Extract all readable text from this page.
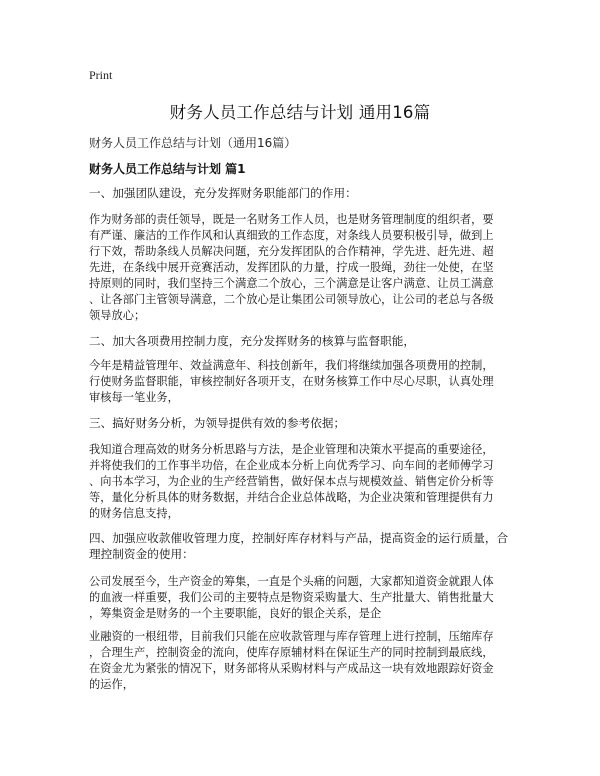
Print
财务人员工作总结与计划 通用16篇
财务人员工作总结与计划（通用16篇）
财务人员工作总结与计划 篇1
一、加强团队建设，充分发挥财务职能部门的作用：
作为财务部的责任领导，既是一名财务工作人员，也是财务管理制度的组织者，要
有严谨、廉洁的工作作风和认真细致的工作态度，对条线人员要积极引导，做到上
行下效，帮助条线人员解决问题，充分发挥团队的合作精神，学先进、赶先进、超
先进，在条线中展开竞赛活动，发挥团队的力量，拧成一股绳，劲往一处使，在坚
持原则的同时，我们坚持三个满意二个放心，三个满意是让客户满意、让员工满意
、让各部门主管领导满意，二个放心是让集团公司领导放心，让公司的老总与各级
领导放心；
二、加大各项费用控制力度，充分发挥财务的核算与监督职能，
今年是精益管理年、效益满意年、科技创新年，我们将继续加强各项费用的控制，
行使财务监督职能，审核控制好各项开支，在财务核算工作中尽心尽职，认真处理
审核每一笔业务，
三、搞好财务分析，为领导提供有效的参考依据；
我知道合理高效的财务分析思路与方法，是企业管理和决策水平提高的重要途径，
并将使我们的工作事半功倍，在企业成本分析上向优秀学习、向车间的老师傅学习
、向书本学习，为企业的生产经营销售，做好保本点与规模效益、销售定价分析等
等，量化分析具体的财务数据，并结合企业总体战略，为企业决策和管理提供有力
的财务信息支持，
四、加强应收款催收管理力度，控制好库存材料与产品，提高资金的运行质量，合
理控制资金的使用：
公司发展至今，生产资金的筹集，一直是个头痛的问题，大家都知道资金就跟人体
的血液一样重要，我们公司的主要特点是物资采购量大、生产批量大、销售批量大
，筹集资金是财务的一个主要职能，良好的银企关系，是企
业融资的一根纽带，目前我们只能在应收款管理与库存管理上进行控制，压缩库存
，合理生产，控制资金的流向，使库存原辅材料在保证生产的同时控制到最底线，
在资金尤为紧张的情况下，财务部将从采购材料与产成品这一块有效地跟踪好资金
的运作，
